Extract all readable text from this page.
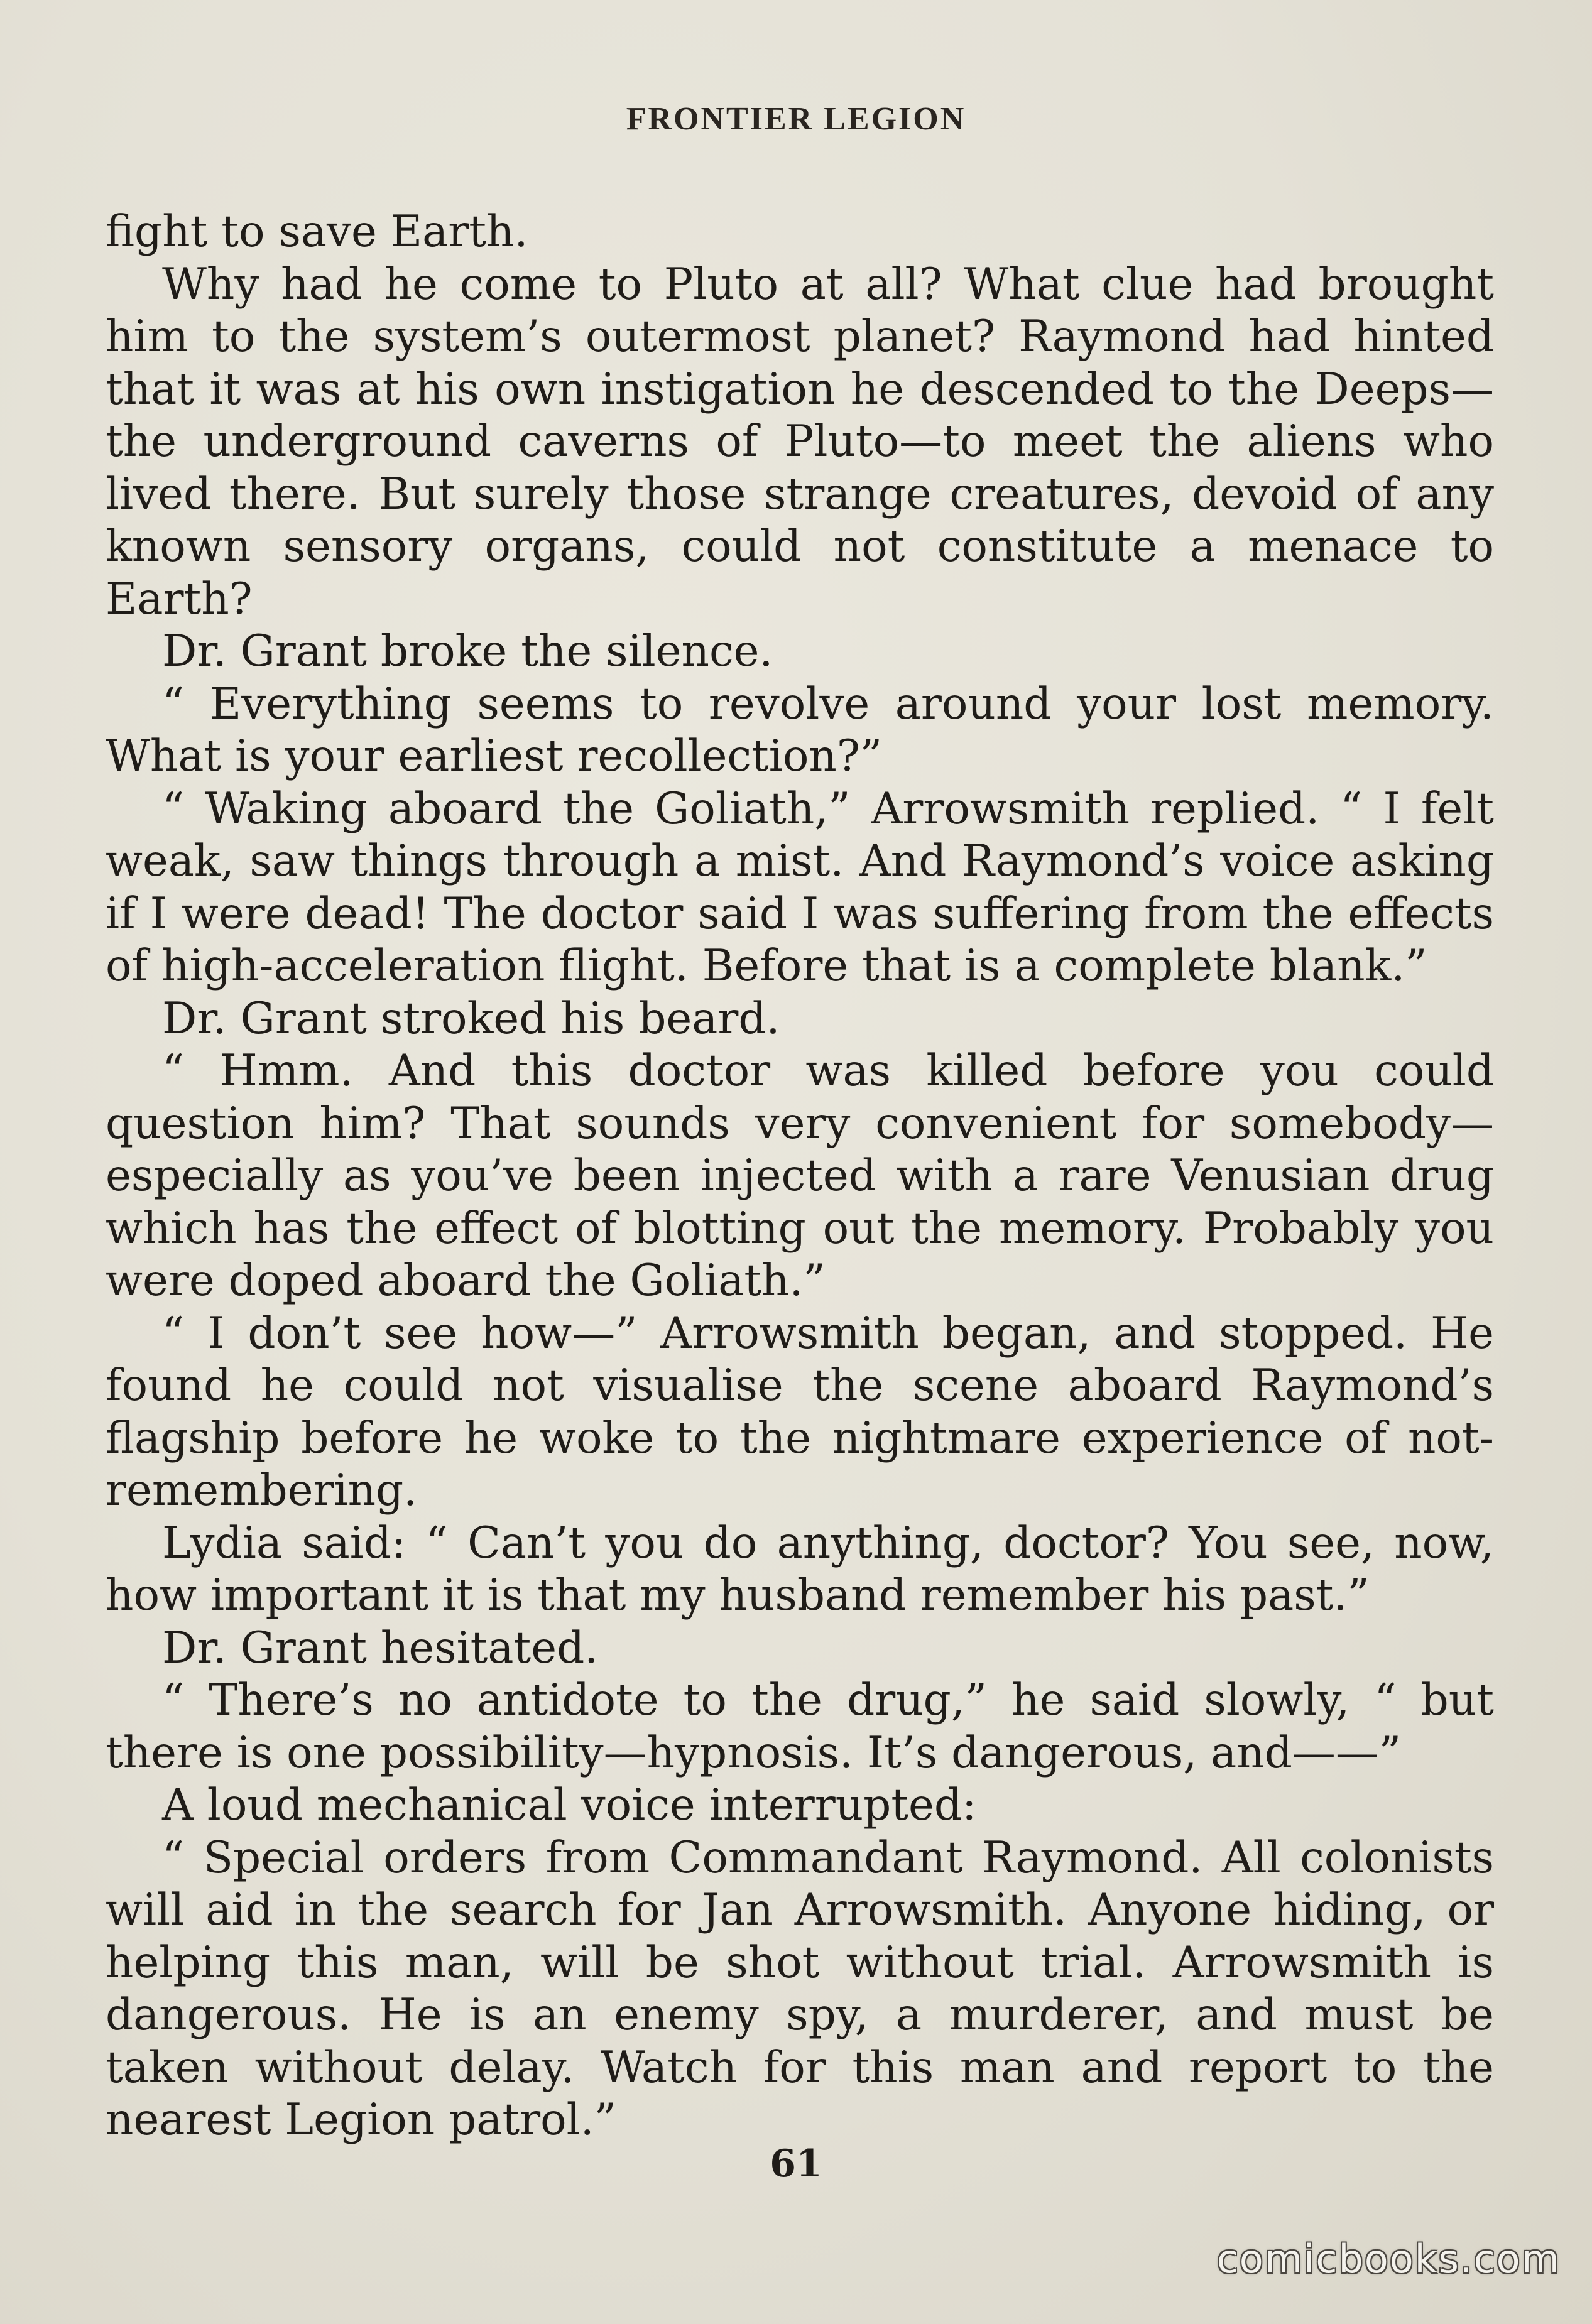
FRONTIER LEGION

fight to save Earth.

Why had he come to Pluto at all? What clue had brought him to the system’s outermost planet? Raymond had hinted that it was at his own instigation he descended to the Deeps—the underground caverns of Pluto—to meet the aliens who lived there. But surely those strange creatures, devoid of any known sensory organs, could not constitute a menace to Earth?

Dr. Grant broke the silence.

“ Everything seems to revolve around your lost memory. What is your earliest recollection?”

“ Waking aboard the Goliath,” Arrowsmith replied. “ I felt weak, saw things through a mist. And Raymond’s voice asking if I were dead! The doctor said I was suffering from the effects of high-acceleration flight. Before that is a complete blank.”

Dr. Grant stroked his beard.

“ Hmm. And this doctor was killed before you could question him? That sounds very convenient for somebody—especially as you’ve been injected with a rare Venusian drug which has the effect of blotting out the memory. Probably you were doped aboard the Goliath.”

“ I don’t see how—” Arrowsmith began, and stopped. He found he could not visualise the scene aboard Raymond’s flagship before he woke to the nightmare experience of not-remembering.

Lydia said: “ Can’t you do anything, doctor? You see, now, how important it is that my husband remember his past.”

Dr. Grant hesitated.

“ There’s no antidote to the drug,” he said slowly, “ but there is one possibility—hypnosis. It’s dangerous, and——”

A loud mechanical voice interrupted:

“ Special orders from Commandant Raymond. All colonists will aid in the search for Jan Arrowsmith. Anyone hiding, or helping this man, will be shot without trial. Arrowsmith is dangerous. He is an enemy spy, a murderer, and must be taken without delay. Watch for this man and report to the nearest Legion patrol.”

61
comicbooks.com
